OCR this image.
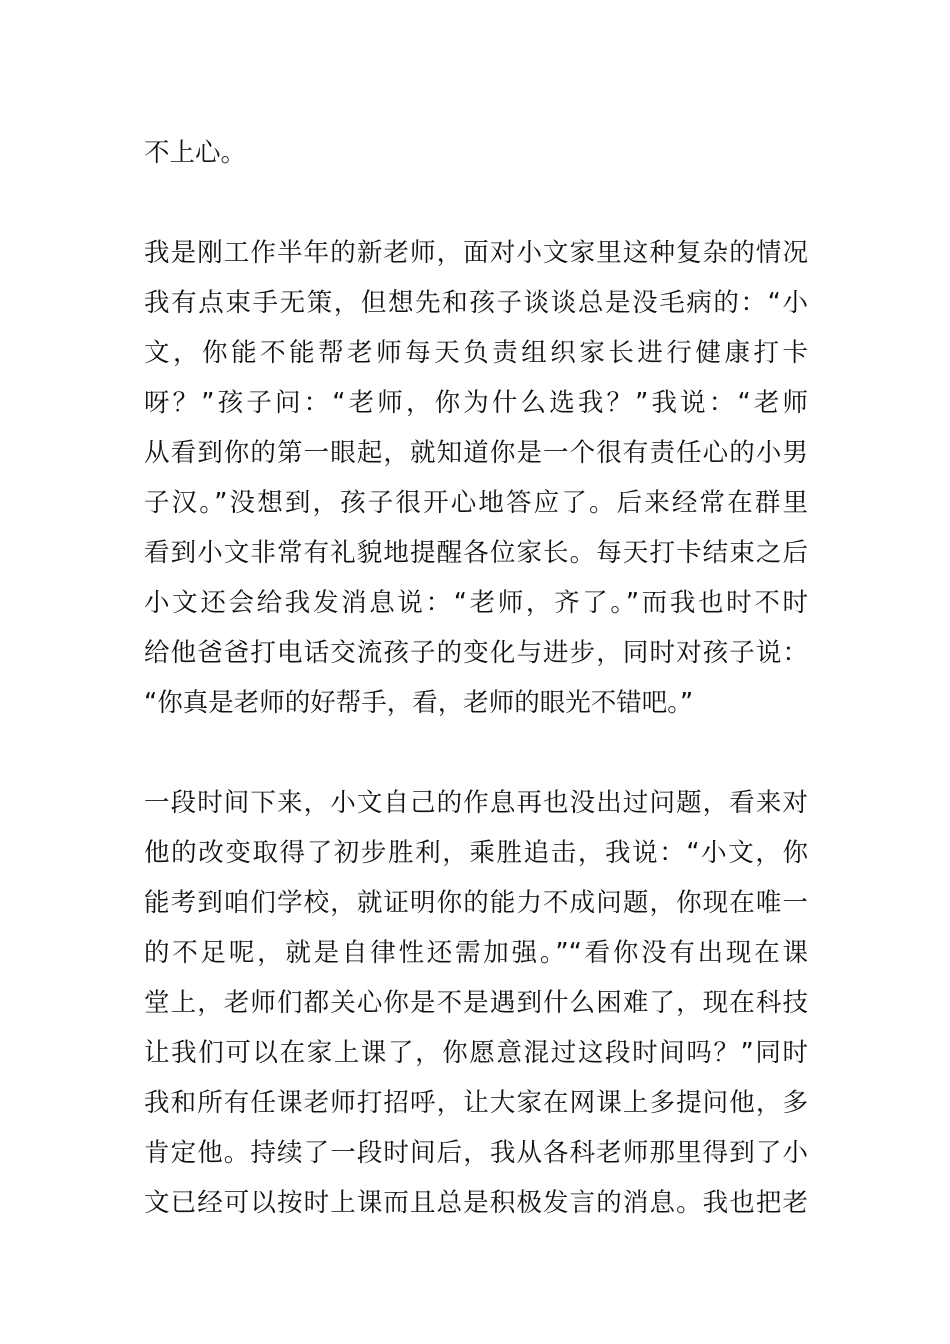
不上心。
我是刚工作半年的新老师，面对小文家里这种复杂的情况
我有点束手无策，但想先和孩子谈谈总是没毛病的：“小
文，你能不能帮老师每天负责组织家长进行健康打卡
呀？”孩子问：“老师，你为什么选我？”我说：“老师
从看到你的第一眼起，就知道你是一个很有责任心的小男
子汉。”没想到，孩子很开心地答应了。后来经常在群里
看到小文非常有礼貌地提醒各位家长。每天打卡结束之后
小文还会给我发消息说：“老师，齐了。”而我也时不时
给他爸爸打电话交流孩子的变化与进步，同时对孩子说：
“你真是老师的好帮手，看，老师的眼光不错吧。”
一段时间下来，小文自己的作息再也没出过问题，看来对
他的改变取得了初步胜利，乘胜追击，我说：“小文，你
能考到咱们学校，就证明你的能力不成问题，你现在唯一
的不足呢，就是自律性还需加强。”“看你没有出现在课
堂上，老师们都关心你是不是遇到什么困难了，现在科技
让我们可以在家上课了，你愿意混过这段时间吗？”同时
我和所有任课老师打招呼，让大家在网课上多提问他，多
肯定他。持续了一段时间后，我从各科老师那里得到了小
文已经可以按时上课而且总是积极发言的消息。我也把老
